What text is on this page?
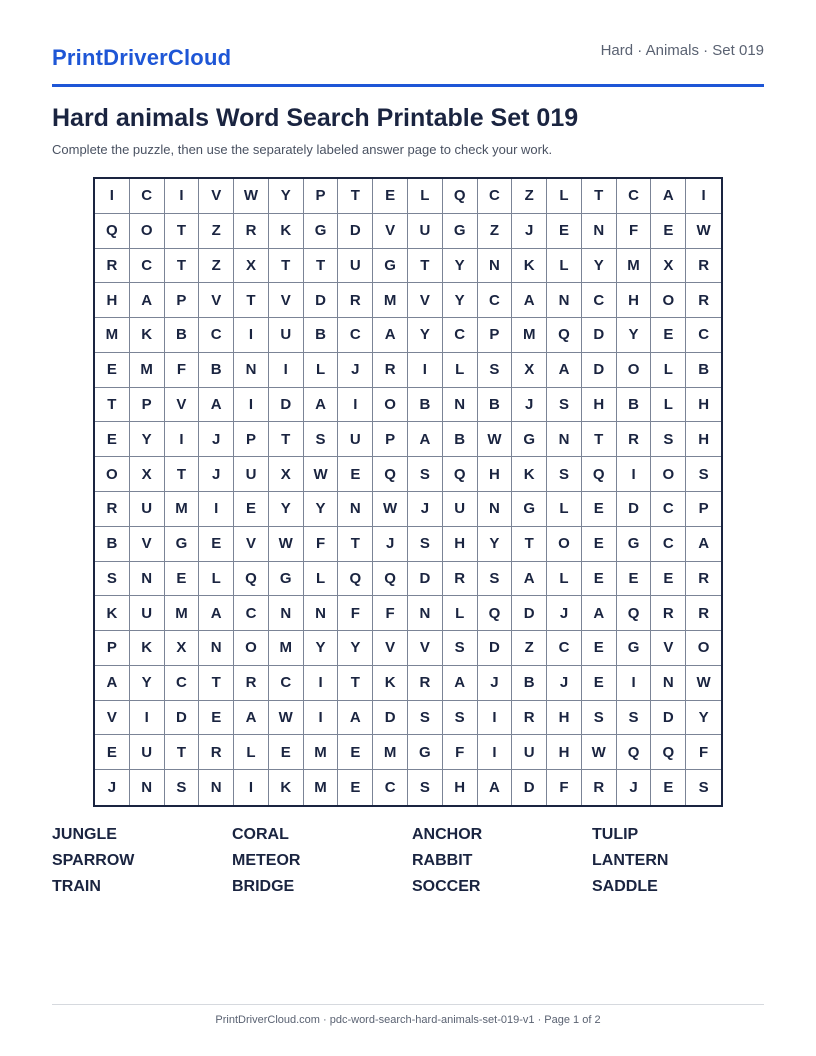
PrintDriverCloud	Hard · Animals · Set 019
Hard animals Word Search Printable Set 019

Complete the puzzle, then use the separately labeled answer page to check your work.

I	C	I	V	W	Y	P	T	E	L	Q	C	Z	L	T	C	A	I
Q	O	T	Z	R	K	G	D	V	U	G	Z	J	E	N	F	E	W
R	C	T	Z	X	T	T	U	G	T	Y	N	K	L	Y	M	X	R
H	A	P	V	T	V	D	R	M	V	Y	C	A	N	C	H	O	R
M	K	B	C	I	U	B	C	A	Y	C	P	M	Q	D	Y	E	C
E	M	F	B	N	I	L	J	R	I	L	S	X	A	D	O	L	B
T	P	V	A	I	D	A	I	O	B	N	B	J	S	H	B	L	H
E	Y	I	J	P	T	S	U	P	A	B	W	G	N	T	R	S	H
O	X	T	J	U	X	W	E	Q	S	Q	H	K	S	Q	I	O	S
R	U	M	I	E	Y	Y	N	W	J	U	N	G	L	E	D	C	P
B	V	G	E	V	W	F	T	J	S	H	Y	T	O	E	G	C	A
S	N	E	L	Q	G	L	Q	Q	D	R	S	A	L	E	E	E	R
K	U	M	A	C	N	N	F	F	N	L	Q	D	J	A	Q	R	R
P	K	X	N	O	M	Y	Y	V	V	S	D	Z	C	E	G	V	O
A	Y	C	T	R	C	I	T	K	R	A	J	B	J	E	I	N	W
V	I	D	E	A	W	I	A	D	S	S	I	R	H	S	S	D	Y
E	U	T	R	L	E	M	E	M	G	F	I	U	H	W	Q	Q	F
J	N	S	N	I	K	M	E	C	S	H	A	D	F	R	J	E	S
JUNGLE	CORAL	ANCHOR	TULIP
SPARROW	METEOR	RABBIT	LANTERN
TRAIN	BRIDGE	SOCCER	SADDLE
PrintDriverCloud.com · pdc-word-search-hard-animals-set-019-v1 · Page 1 of 2
